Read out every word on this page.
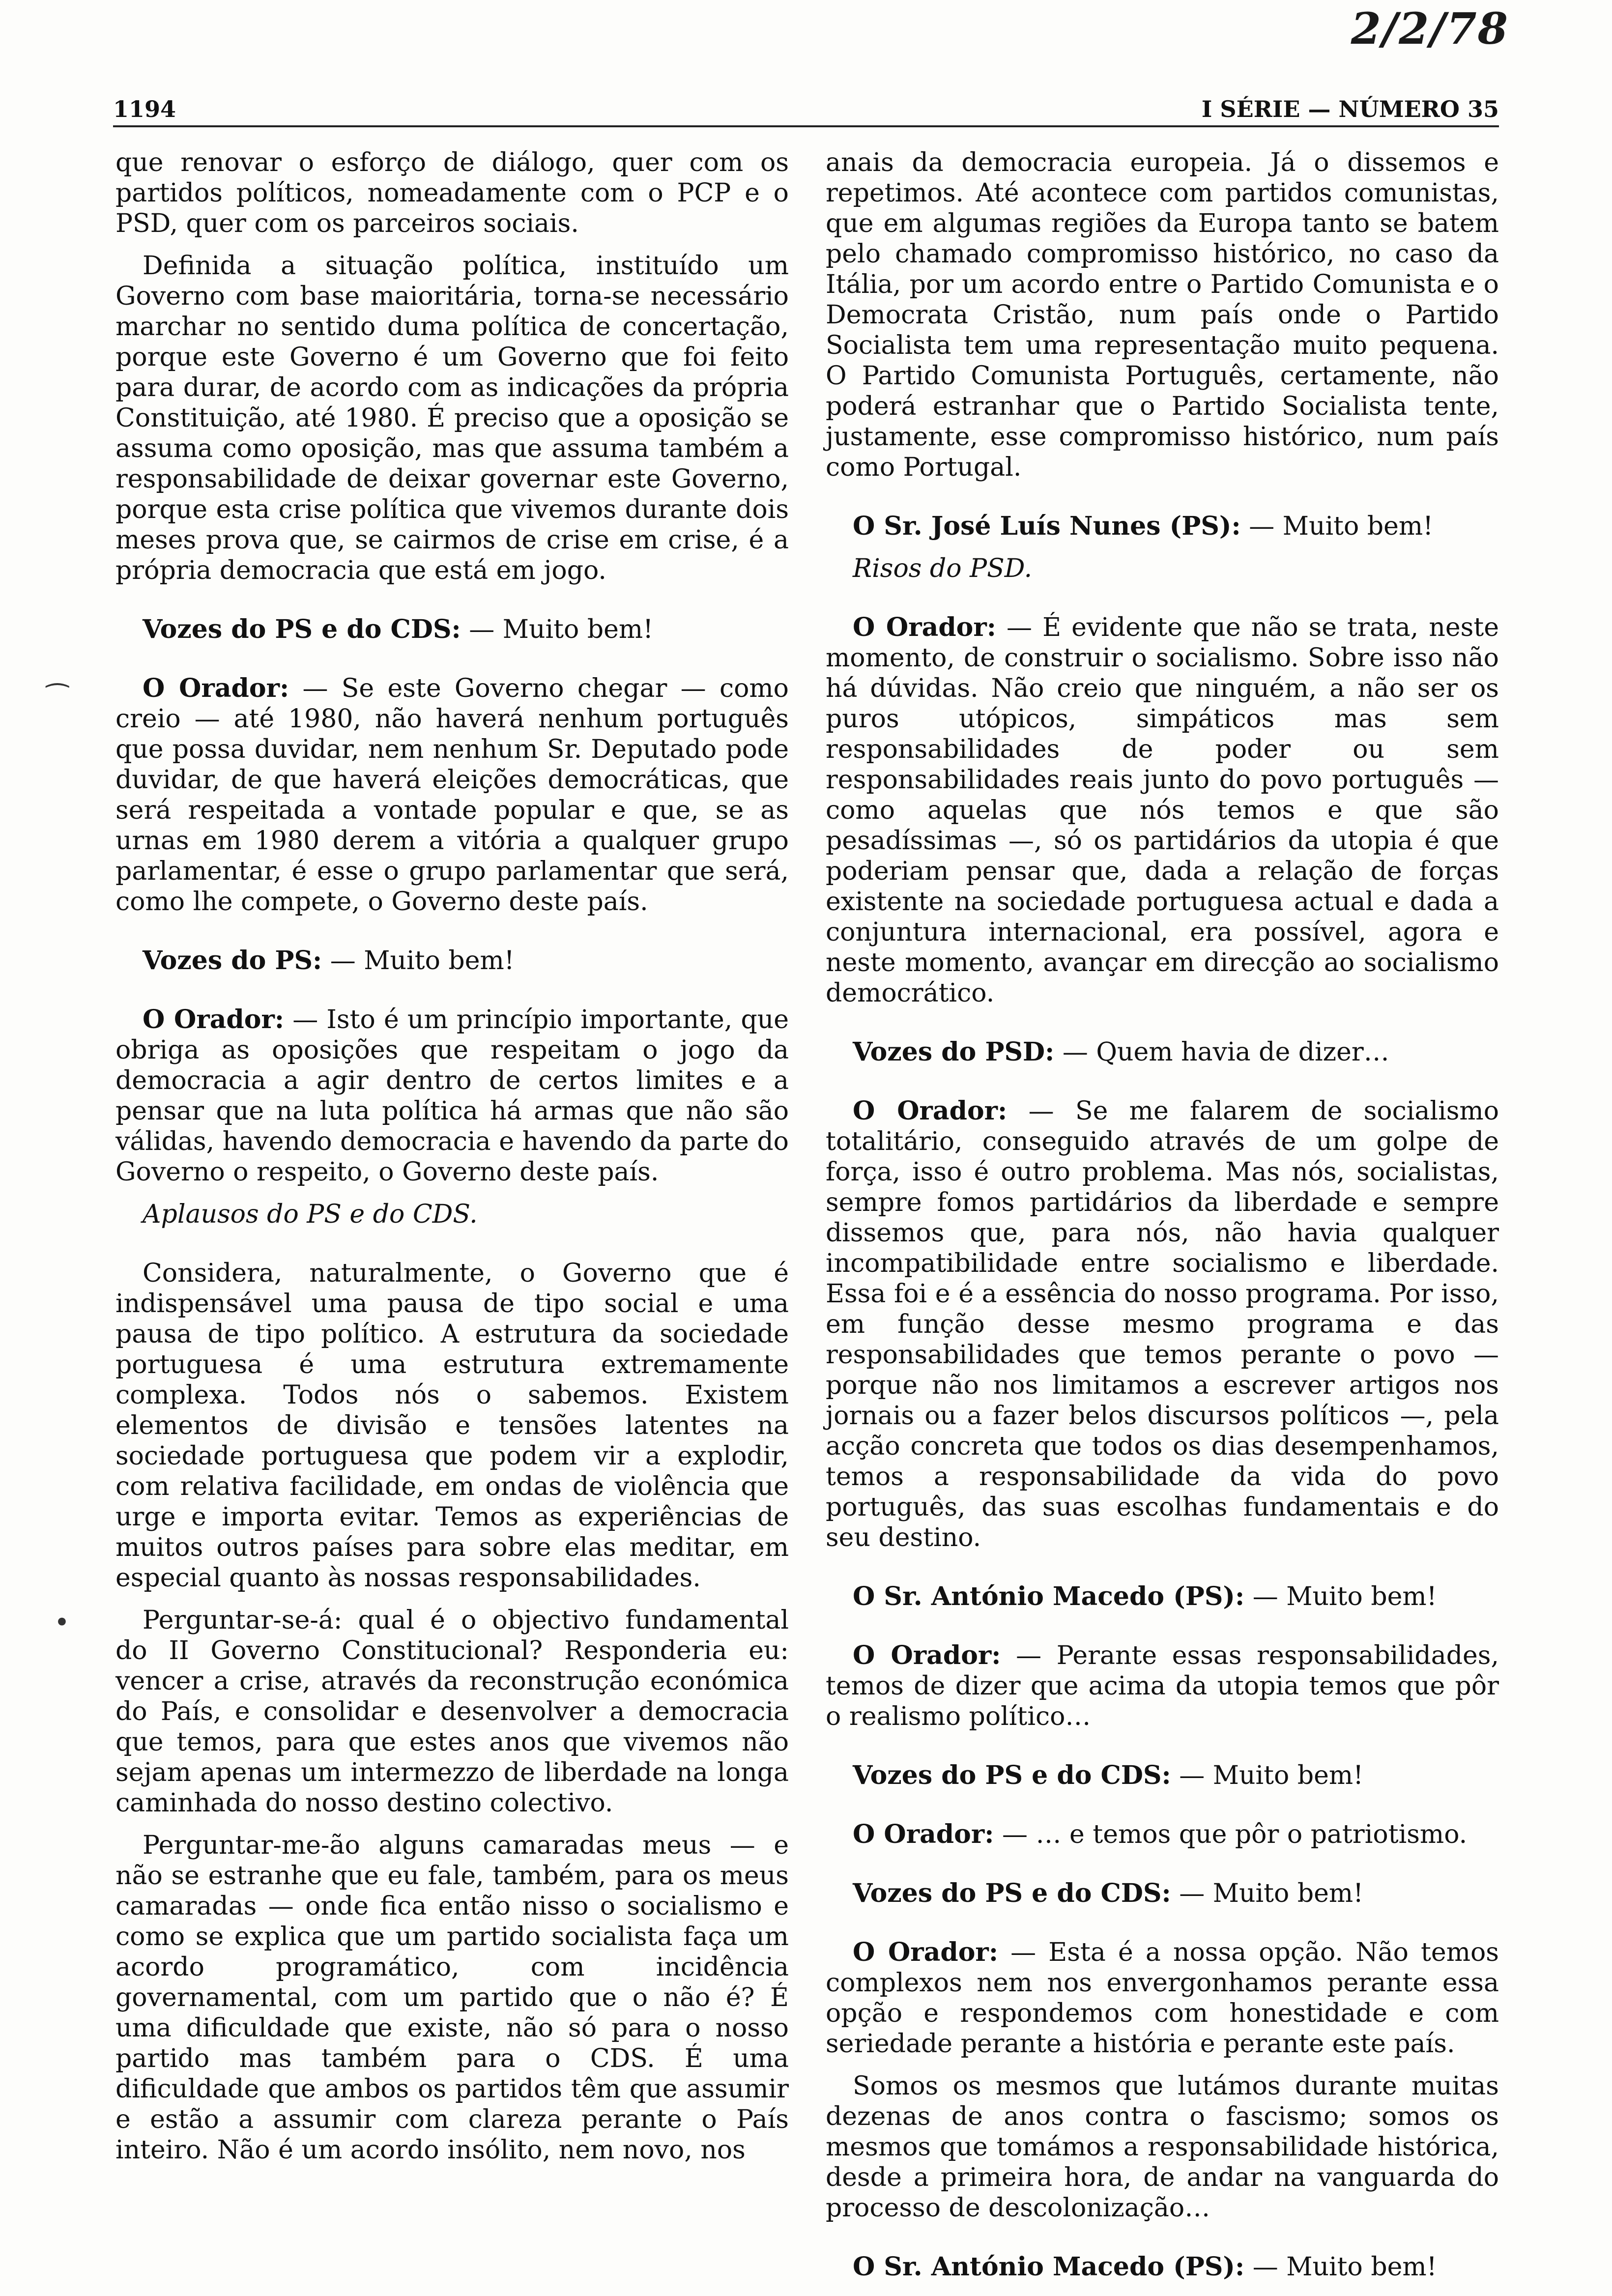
2/2/78
1194	I SÉRIE — NÚMERO 35

que renovar o esforço de diálogo, quer com os partidos políticos, nomeadamente com o PCP e o PSD, quer com os parceiros sociais.

Definida a situação política, instituído um Governo com base maioritária, torna-se necessário marchar no sentido duma política de concertação, porque este Governo é um Governo que foi feito para durar, de acordo com as indicações da própria Constituição, até 1980. É preciso que a oposição se assuma como oposição, mas que assuma também a responsabilidade de deixar governar este Governo, porque esta crise política que vivemos durante dois meses prova que, se cairmos de crise em crise, é a própria democracia que está em jogo.

Vozes do PS e do CDS: — Muito bem!

O Orador: — Se este Governo chegar — como creio — até 1980, não haverá nenhum português que possa duvidar, nem nenhum Sr. Deputado pode duvidar, de que haverá eleições democráticas, que será respeitada a vontade popular e que, se as urnas em 1980 derem a vitória a qualquer grupo parlamentar, é esse o grupo parlamentar que será, como lhe compete, o Governo deste país.

Vozes do PS: — Muito bem!

O Orador: — Isto é um princípio importante, que obriga as oposições que respeitam o jogo da democracia a agir dentro de certos limites e a pensar que na luta política há armas que não são válidas, havendo democracia e havendo da parte do Governo o respeito, o Governo deste país.

Aplausos do PS e do CDS.

Considera, naturalmente, o Governo que é indispensável uma pausa de tipo social e uma pausa de tipo político. A estrutura da sociedade portuguesa é uma estrutura extremamente complexa. Todos nós o sabemos. Existem elementos de divisão e tensões latentes na sociedade portuguesa que podem vir a explodir, com relativa facilidade, em ondas de violência que urge e importa evitar. Temos as experiências de muitos outros países para sobre elas meditar, em especial quanto às nossas responsabilidades.

Perguntar-se-á: qual é o objectivo fundamental do II Governo Constitucional? Responderia eu: vencer a crise, através da reconstrução económica do País, e consolidar e desenvolver a democracia que temos, para que estes anos que vivemos não sejam apenas um intermezzo de liberdade na longa caminhada do nosso destino colectivo.

Perguntar-me-ão alguns camaradas meus — e não se estranhe que eu fale, também, para os meus camaradas — onde fica então nisso o socialismo e como se explica que um partido socialista faça um acordo programático, com incidência governamental, com um partido que o não é? É uma dificuldade que existe, não só para o nosso partido mas também para o CDS. É uma dificuldade que ambos os partidos têm que assumir e estão a assumir com clareza perante o País inteiro. Não é um acordo insólito, nem novo, nos

anais da democracia europeia. Já o dissemos e repetimos. Até acontece com partidos comunistas, que em algumas regiões da Europa tanto se batem pelo chamado compromisso histórico, no caso da Itália, por um acordo entre o Partido Comunista e o Democrata Cristão, num país onde o Partido Socialista tem uma representação muito pequena. O Partido Comunista Português, certamente, não poderá estranhar que o Partido Socialista tente, justamente, esse compromisso histórico, num país como Portugal.

O Sr. José Luís Nunes (PS): — Muito bem!

Risos do PSD.

O Orador: — É evidente que não se trata, neste momento, de construir o socialismo. Sobre isso não há dúvidas. Não creio que ninguém, a não ser os puros utópicos, simpáticos mas sem responsabilidades de poder ou sem responsabilidades reais junto do povo português — como aquelas que nós temos e que são pesadíssimas —, só os partidários da utopia é que poderiam pensar que, dada a relação de forças existente na sociedade portuguesa actual e dada a conjuntura internacional, era possível, agora e neste momento, avançar em direcção ao socialismo democrático.

Vozes do PSD: — Quem havia de dizer…

O Orador: — Se me falarem de socialismo totalitário, conseguido através de um golpe de força, isso é outro problema. Mas nós, socialistas, sempre fomos partidários da liberdade e sempre dissemos que, para nós, não havia qualquer incompatibilidade entre socialismo e liberdade. Essa foi e é a essência do nosso programa. Por isso, em função desse mesmo programa e das responsabilidades que temos perante o povo — porque não nos limitamos a escrever artigos nos jornais ou a fazer belos discursos políticos —, pela acção concreta que todos os dias desempenhamos, temos a responsabilidade da vida do povo português, das suas escolhas fundamentais e do seu destino.

O Sr. António Macedo (PS): — Muito bem!

O Orador: — Perante essas responsabilidades, temos de dizer que acima da utopia temos que pôr o realismo político…

Vozes do PS e do CDS: — Muito bem!

O Orador: — … e temos que pôr o patriotismo.

Vozes do PS e do CDS: — Muito bem!

O Orador: — Esta é a nossa opção. Não temos complexos nem nos envergonhamos perante essa opção e respondemos com honestidade e com seriedade perante a história e perante este país.

Somos os mesmos que lutámos durante muitas dezenas de anos contra o fascismo; somos os mesmos que tomámos a responsabilidade histórica, desde a primeira hora, de andar na vanguarda do processo de descolonização…

O Sr. António Macedo (PS): — Muito bem!

⁀
•
